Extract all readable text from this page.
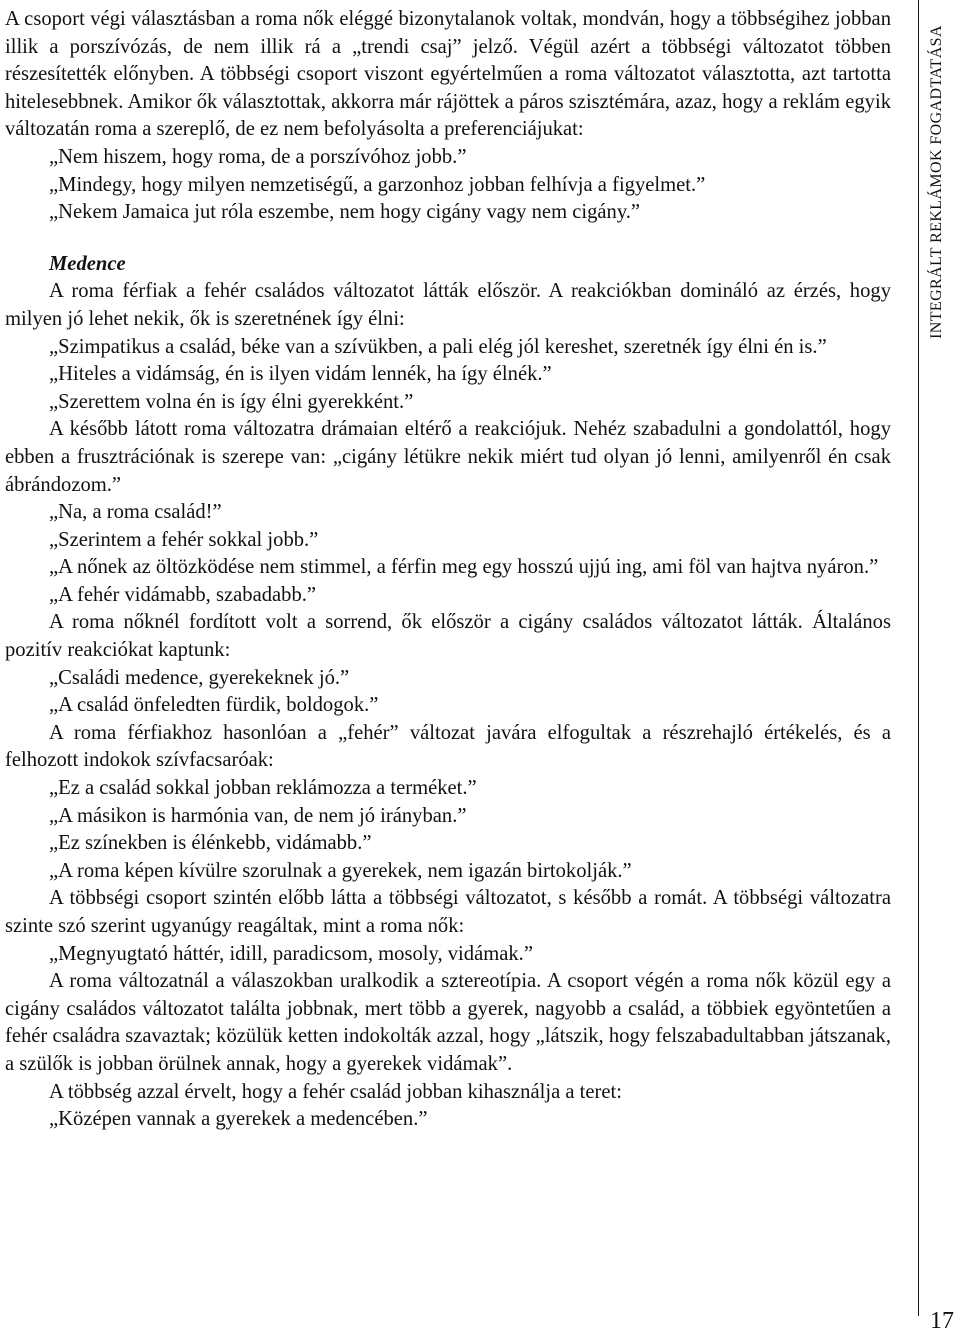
A csoport végi választásban a roma nők eléggé bizonytalanok voltak, mondván, hogy a többségihez jobban illik a porszívózás, de nem illik rá a „trendi csaj” jelző. Végül azért a többségi változatot többen részesítették előnyben. A többségi csoport viszont egyértelműen a roma változatot választotta, azt tartotta hitelesebbnek. Amikor ők választottak, akkorra már rájöttek a páros szisztémára, azaz, hogy a reklám egyik változatán roma a szereplő, de ez nem befolyásolta a preferenciájukat:

„Nem hiszem, hogy roma, de a porszívóhoz jobb.”

„Mindegy, hogy milyen nemzetiségű, a garzonhoz jobban felhívja a figyelmet.”

„Nekem Jamaica jut róla eszembe, nem hogy cigány vagy nem cigány.”

Medence

A roma férfiak a fehér családos változatot látták először. A reakciókban domináló az érzés, hogy milyen jó lehet nekik, ők is szeretnének így élni:

„Szimpatikus a család, béke van a szívükben, a pali elég jól kereshet, szeretnék így élni én is.”

„Hiteles a vidámság, én is ilyen vidám lennék, ha így élnék.”

„Szerettem volna én is így élni gyerekként.”

A később látott roma változatra drámaian eltérő a reakciójuk. Nehéz szabadulni a gondolattól, hogy ebben a frusztrációnak is szerepe van: „cigány létükre nekik miért tud olyan jó lenni, amilyenről én csak ábrándozom.”

„Na, a roma család!”

„Szerintem a fehér sokkal jobb.”

„A nőnek az öltözködése nem stimmel, a férfin meg egy hosszú ujjú ing, ami föl van hajtva nyáron.”

„A fehér vidámabb, szabadabb.”

A roma nőknél fordított volt a sorrend, ők először a cigány családos változatot látták. Általános pozitív reakciókat kaptunk:

„Családi medence, gyerekeknek jó.”

„A család önfeledten fürdik, boldogok.”

A roma férfiakhoz hasonlóan a „fehér” változat javára elfogultak a részrehajló értékelés, és a felhozott indokok szívfacsaróak:

„Ez a család sokkal jobban reklámozza a terméket.”

„A másikon is harmónia van, de nem jó irányban.”

„Ez színekben is élénkebb, vidámabb.”

„A roma képen kívülre szorulnak a gyerekek, nem igazán birtokolják.”

A többségi csoport szintén előbb látta a többségi változatot, s később a romát. A többségi változatra szinte szó szerint ugyanúgy reagáltak, mint a roma nők:

„Megnyugtató háttér, idill, paradicsom, mosoly, vidámak.”

A roma változatnál a válaszokban uralkodik a sztereotípia. A csoport végén a roma nők közül egy a cigány családos változatot találta jobbnak, mert több a gyerek, nagyobb a család, a többiek egyöntetűen a fehér családra szavaztak; közülük ketten indokolták azzal, hogy „látszik, hogy felszabadultabban játszanak, a szülők is jobban örülnek annak, hogy a gyerekek vidámak”.

A többség azzal érvelt, hogy a fehér család jobban kihasználja a teret:

„Középen vannak a gyerekek a medencében.”

INTEGRÁLT REKLÁMOK FOGADTATÁSA
17
